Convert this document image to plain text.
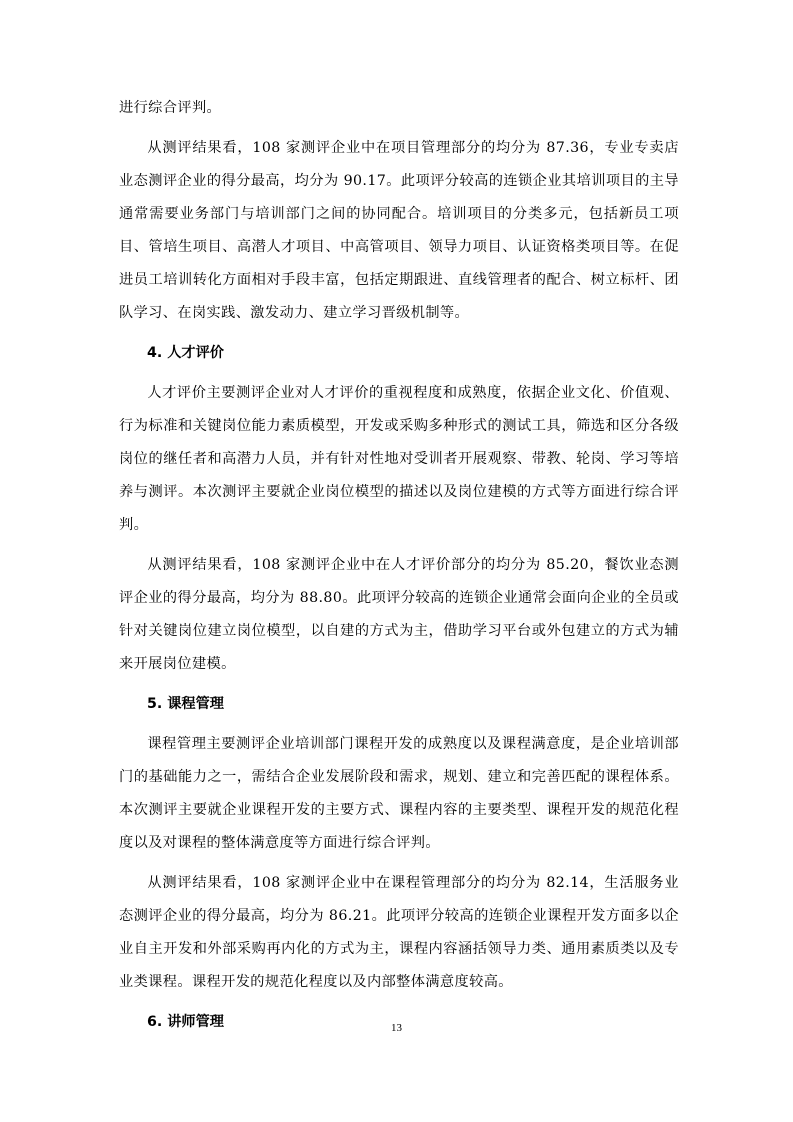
进行综合评判。

从测评结果看，108 家测评企业中在项目管理部分的均分为 87.36，专业专卖店业态测评企业的得分最高，均分为 90.17。此项评分较高的连锁企业其培训项目的主导通常需要业务部门与培训部门之间的协同配合。培训项目的分类多元，包括新员工项目、管培生项目、高潜人才项目、中高管项目、领导力项目、认证资格类项目等。在促进员工培训转化方面相对手段丰富，包括定期跟进、直线管理者的配合、树立标杆、团队学习、在岗实践、激发动力、建立学习晋级机制等。

4. 人才评价

人才评价主要测评企业对人才评价的重视程度和成熟度，依据企业文化、价值观、行为标准和关键岗位能力素质模型，开发或采购多种形式的测试工具，筛选和区分各级岗位的继任者和高潜力人员，并有针对性地对受训者开展观察、带教、轮岗、学习等培养与测评。本次测评主要就企业岗位模型的描述以及岗位建模的方式等方面进行综合评判。

从测评结果看，108 家测评企业中在人才评价部分的均分为 85.20，餐饮业态测评企业的得分最高，均分为 88.80。此项评分较高的连锁企业通常会面向企业的全员或针对关键岗位建立岗位模型，以自建的方式为主，借助学习平台或外包建立的方式为辅来开展岗位建模。

5. 课程管理

课程管理主要测评企业培训部门课程开发的成熟度以及课程满意度，是企业培训部门的基础能力之一，需结合企业发展阶段和需求，规划、建立和完善匹配的课程体系。本次测评主要就企业课程开发的主要方式、课程内容的主要类型、课程开发的规范化程度以及对课程的整体满意度等方面进行综合评判。

从测评结果看，108 家测评企业中在课程管理部分的均分为 82.14，生活服务业态测评企业的得分最高，均分为 86.21。此项评分较高的连锁企业课程开发方面多以企业自主开发和外部采购再内化的方式为主，课程内容涵括领导力类、通用素质类以及专业类课程。课程开发的规范化程度以及内部整体满意度较高。

6. 讲师管理	13
